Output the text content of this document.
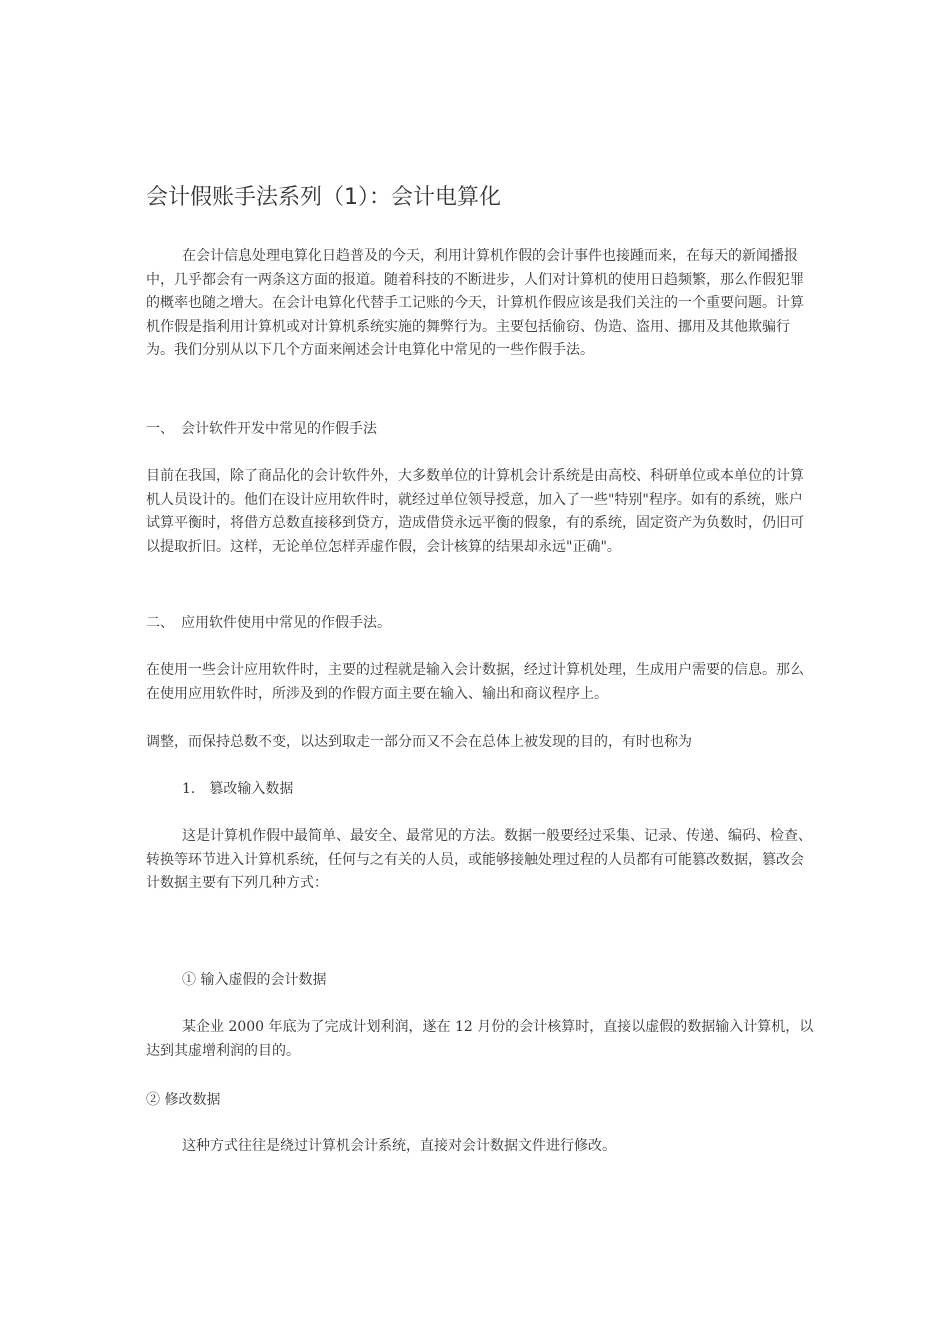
会计假账手法系列（1）：会计电算化

在会计信息处理电算化日趋普及的今天，利用计算机作假的会计事件也接踵而来，在每天的新闻播报中，几乎都会有一两条这方面的报道。随着科技的不断进步，人们对计算机的使用日趋频繁，那么作假犯罪的概率也随之增大。在会计电算化代替手工记账的今天，计算机作假应该是我们关注的一个重要问题。计算机作假是指利用计算机或对计算机系统实施的舞弊行为。主要包括偷窃、伪造、盗用、挪用及其他欺骗行为。我们分别从以下几个方面来阐述会计电算化中常见的一些作假手法。

一、　会计软件开发中常见的作假手法

目前在我国，除了商品化的会计软件外，大多数单位的计算机会计系统是由高校、科研单位或本单位的计算机人员设计的。他们在设计应用软件时，就经过单位领导授意，加入了一些"特别"程序。如有的系统，账户试算平衡时，将借方总数直接移到贷方，造成借贷永远平衡的假象，有的系统，固定资产为负数时，仍旧可以提取折旧。这样，无论单位怎样弄虚作假，会计核算的结果却永远"正确"。

二、　应用软件使用中常见的作假手法。

在使用一些会计应用软件时，主要的过程就是输入会计数据，经过计算机处理，生成用户需要的信息。那么在使用应用软件时，所涉及到的作假方面主要在输入、输出和商议程序上。

调整，而保持总数不变，以达到取走一部分而又不会在总体上被发现的目的，有时也称为

1.　篡改输入数据

这是计算机作假中最简单、最安全、最常见的方法。数据一般要经过采集、记录、传递、编码、检查、转换等环节进入计算机系统，任何与之有关的人员，或能够接触处理过程的人员都有可能篡改数据，篡改会计数据主要有下列几种方式：

① 输入虚假的会计数据

某企业 2000 年底为了完成计划利润，遂在 12 月份的会计核算时，直接以虚假的数据输入计算机，以达到其虚增利润的目的。

② 修改数据

这种方式往往是绕过计算机会计系统，直接对会计数据文件进行修改。
